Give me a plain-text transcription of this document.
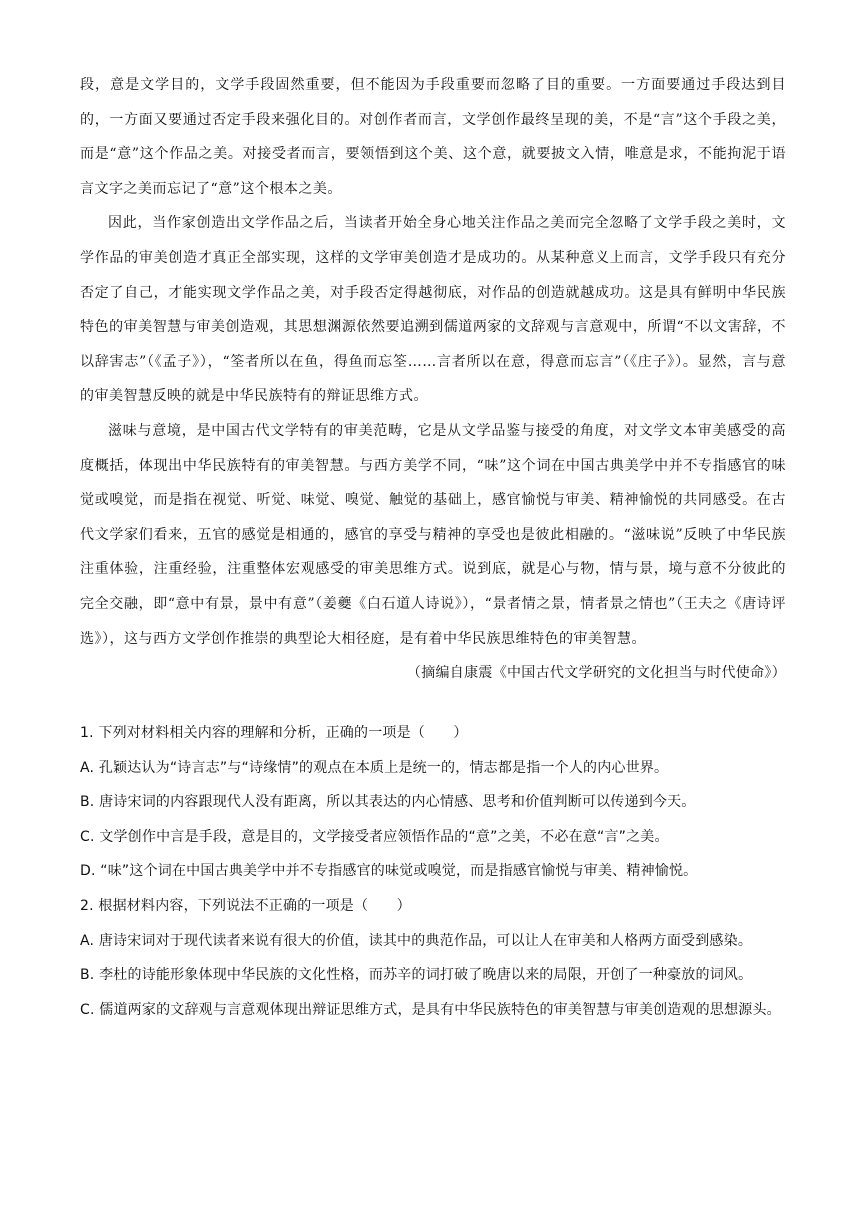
段，意是文学目的，文学手段固然重要，但不能因为手段重要而忽略了目的重要。一方面要通过手段达到目的，一方面又要通过否定手段来强化目的。对创作者而言，文学创作最终呈现的美，不是“言”这个手段之美，而是“意”这个作品之美。对接受者而言，要领悟到这个美、这个意，就要披文入情，唯意是求，不能拘泥于语言文字之美而忘记了“意”这个根本之美。

因此，当作家创造出文学作品之后，当读者开始全身心地关注作品之美而完全忽略了文学手段之美时，文学作品的审美创造才真正全部实现，这样的文学审美创造才是成功的。从某种意义上而言，文学手段只有充分否定了自己，才能实现文学作品之美，对手段否定得越彻底，对作品的创造就越成功。这是具有鲜明中华民族特色的审美智慧与审美创造观，其思想渊源依然要追溯到儒道两家的文辞观与言意观中，所谓“不以文害辞，不以辞害志”（《孟子》），“筌者所以在鱼，得鱼而忘筌……言者所以在意，得意而忘言”（《庄子》）。显然，言与意的审美智慧反映的就是中华民族特有的辩证思维方式。

滋味与意境，是中国古代文学特有的审美范畴，它是从文学品鉴与接受的角度，对文学文本审美感受的高度概括，体现出中华民族特有的审美智慧。与西方美学不同，“味”这个词在中国古典美学中并不专指感官的味觉或嗅觉，而是指在视觉、听觉、味觉、嗅觉、触觉的基础上，感官愉悦与审美、精神愉悦的共同感受。在古代文学家们看来，五官的感觉是相通的，感官的享受与精神的享受也是彼此相融的。“滋味说”反映了中华民族注重体验，注重经验，注重整体宏观感受的审美思维方式。说到底，就是心与物，情与景，境与意不分彼此的完全交融，即“意中有景，景中有意”（姜夔《白石道人诗说》），“景者情之景，情者景之情也”（王夫之《唐诗评选》），这与西方文学创作推崇的典型论大相径庭，是有着中华民族思维特色的审美智慧。

（摘编自康震《中国古代文学研究的文化担当与时代使命》）

1. 下列对材料相关内容的理解和分析，正确的一项是（　　）

A. 孔颖达认为“诗言志”与“诗缘情”的观点在本质上是统一的，情志都是指一个人的内心世界。

B. 唐诗宋词的内容跟现代人没有距离，所以其表达的内心情感、思考和价值判断可以传递到今天。

C. 文学创作中言是手段，意是目的，文学接受者应领悟作品的“意”之美，不必在意“言”之美。

D. “味”这个词在中国古典美学中并不专指感官的味觉或嗅觉，而是指感官愉悦与审美、精神愉悦。

2. 根据材料内容，下列说法不正确的一项是（　　）

A. 唐诗宋词对于现代读者来说有很大的价值，读其中的典范作品，可以让人在审美和人格两方面受到感染。

B. 李杜的诗能形象体现中华民族的文化性格，而苏辛的词打破了晚唐以来的局限，开创了一种豪放的词风。

C. 儒道两家的文辞观与言意观体现出辩证思维方式，是具有中华民族特色的审美智慧与审美创造观的思想源头。
